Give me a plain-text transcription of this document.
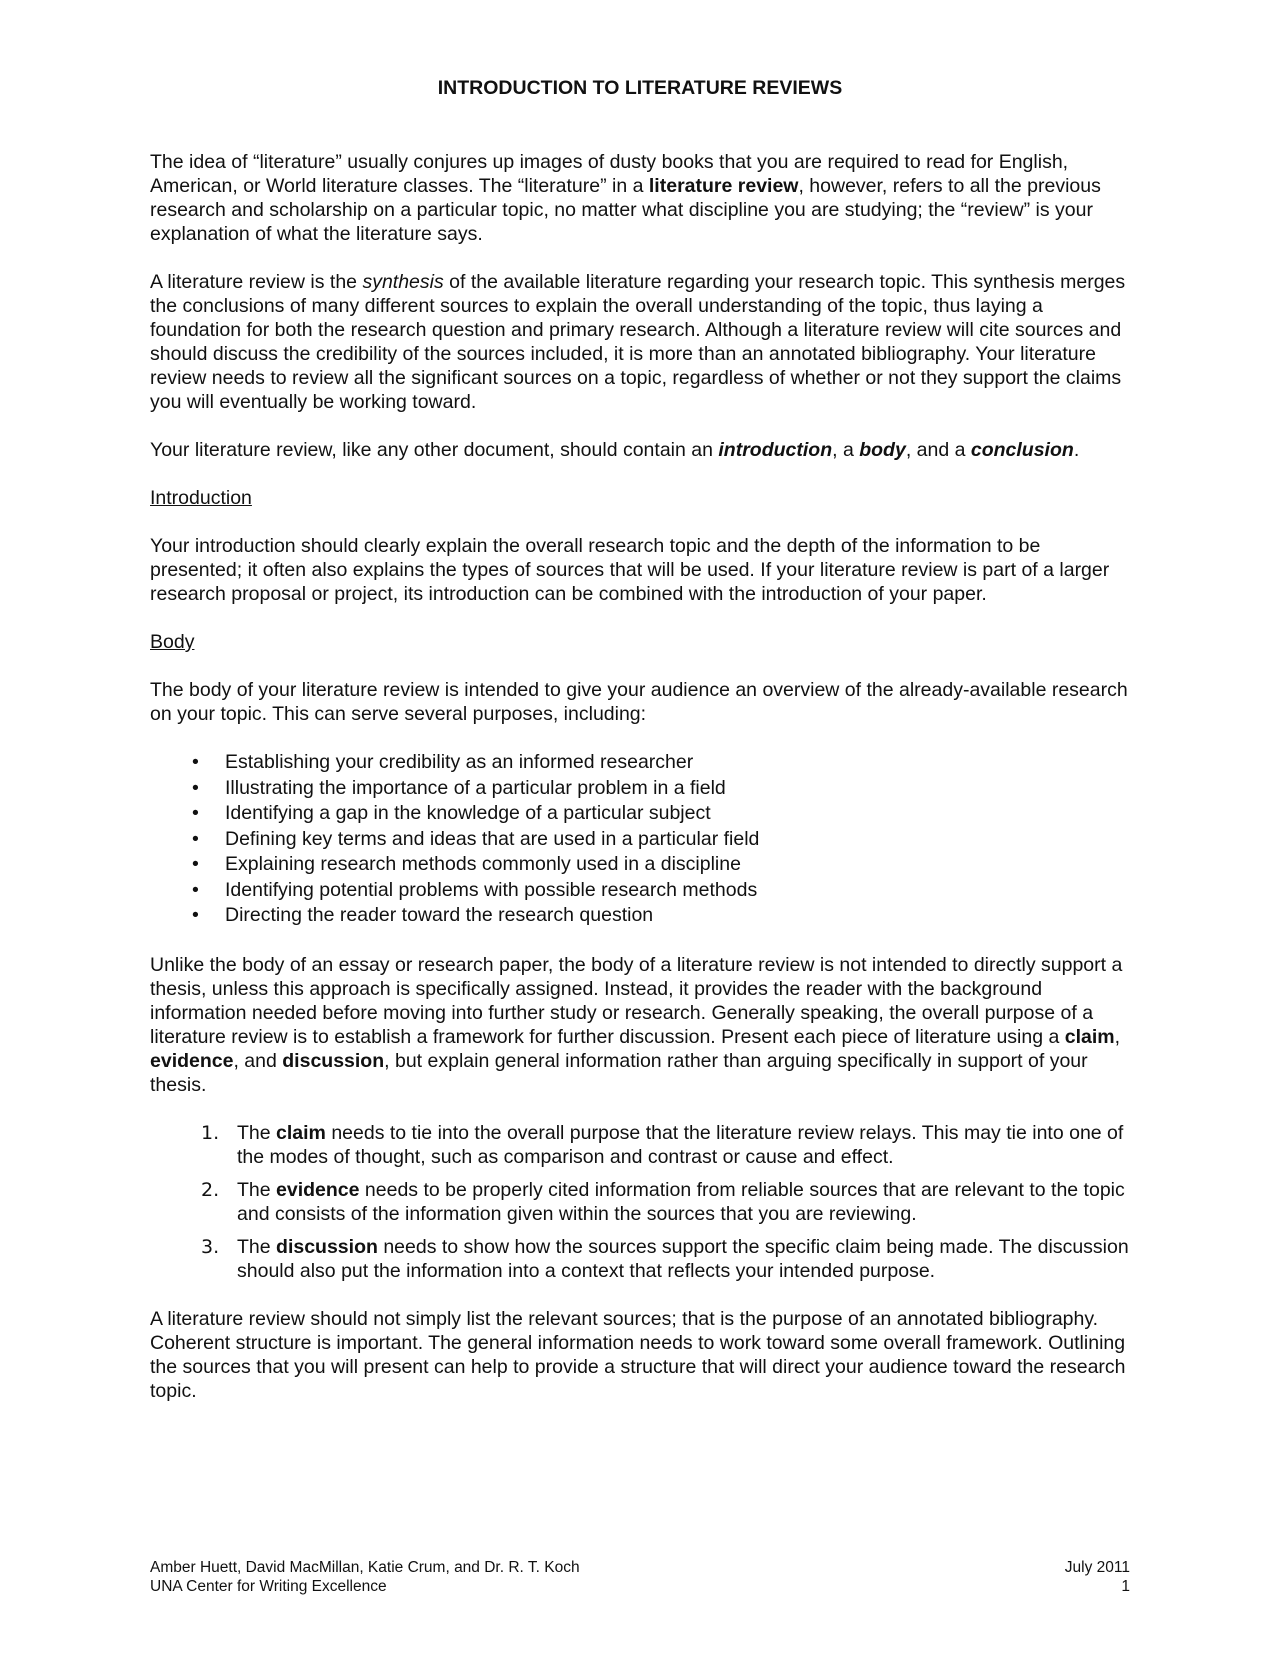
INTRODUCTION TO LITERATURE REVIEWS

The idea of “literature” usually conjures up images of dusty books that you are required to read for English, American, or World literature classes. The “literature” in a literature review, however, refers to all the previous research and scholarship on a particular topic, no matter what discipline you are studying; the “review” is your explanation of what the literature says.

A literature review is the synthesis of the available literature regarding your research topic. This synthesis merges the conclusions of many different sources to explain the overall understanding of the topic, thus laying a foundation for both the research question and primary research. Although a literature review will cite sources and should discuss the credibility of the sources included, it is more than an annotated bibliography. Your literature review needs to review all the significant sources on a topic, regardless of whether or not they support the claims you will eventually be working toward.

Your literature review, like any other document, should contain an introduction, a body, and a conclusion.

Introduction

Your introduction should clearly explain the overall research topic and the depth of the information to be presented; it often also explains the types of sources that will be used. If your literature review is part of a larger research proposal or project, its introduction can be combined with the introduction of your paper.

Body

The body of your literature review is intended to give your audience an overview of the already-available research on your topic. This can serve several purposes, including:

• Establishing your credibility as an informed researcher
• Illustrating the importance of a particular problem in a field
• Identifying a gap in the knowledge of a particular subject
• Defining key terms and ideas that are used in a particular field
• Explaining research methods commonly used in a discipline
• Identifying potential problems with possible research methods
• Directing the reader toward the research question

Unlike the body of an essay or research paper, the body of a literature review is not intended to directly support a thesis, unless this approach is specifically assigned. Instead, it provides the reader with the background information needed before moving into further study or research. Generally speaking, the overall purpose of a literature review is to establish a framework for further discussion. Present each piece of literature using a claim, evidence, and discussion, but explain general information rather than arguing specifically in support of your thesis.

1. The claim needs to tie into the overall purpose that the literature review relays. This may tie into one of the modes of thought, such as comparison and contrast or cause and effect.
2. The evidence needs to be properly cited information from reliable sources that are relevant to the topic and consists of the information given within the sources that you are reviewing.
3. The discussion needs to show how the sources support the specific claim being made. The discussion should also put the information into a context that reflects your intended purpose.

A literature review should not simply list the relevant sources; that is the purpose of an annotated bibliography. Coherent structure is important. The general information needs to work toward some overall framework. Outlining the sources that you will present can help to provide a structure that will direct your audience toward the research topic.

Amber Huett, David MacMillan, Katie Crum, and Dr. R. T. Koch	July 2011
UNA Center for Writing Excellence	1
